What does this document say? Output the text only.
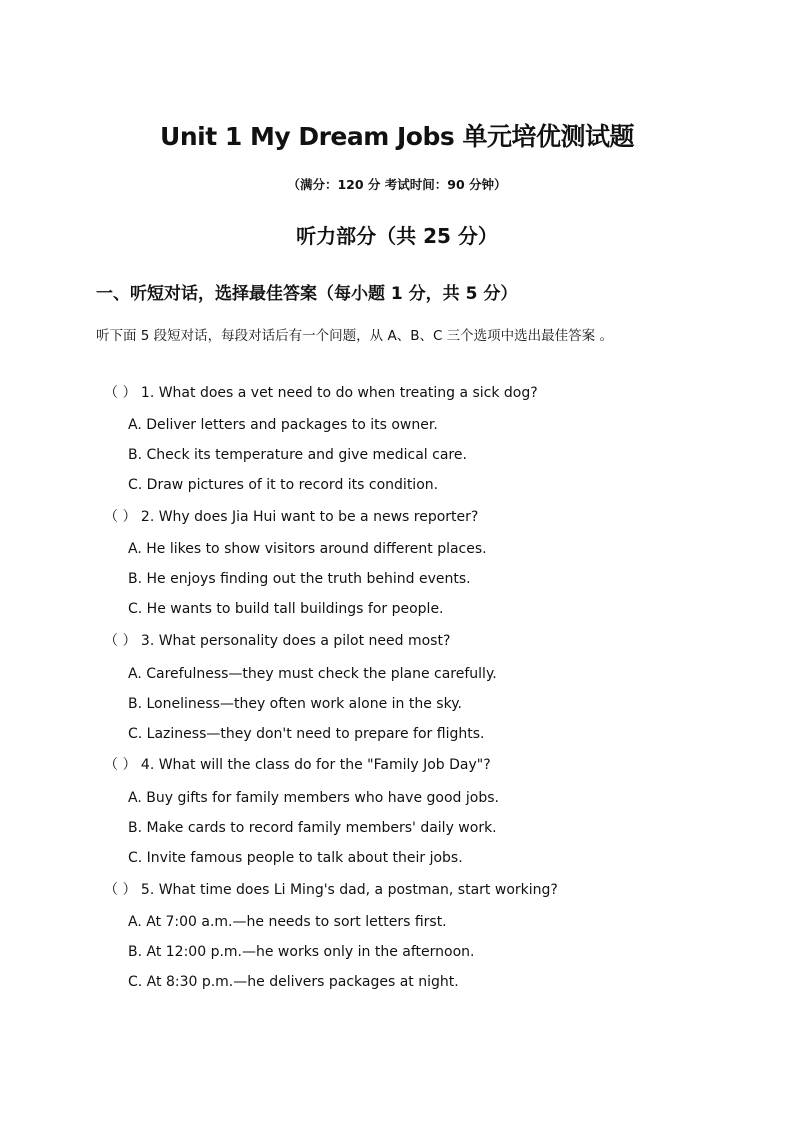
Unit 1 My Dream Jobs 单元培优测试题
（满分：120 分 考试时间：90 分钟）
听力部分（共 25 分）
一、听短对话，选择最佳答案（每小题 1 分，共 5 分）
听下面 5 段短对话，每段对话后有一个问题，从 A、B、C 三个选项中选出最佳答案 。
（ ） 1. What does a vet need to do when treating a sick dog?
A. Deliver letters and packages to its owner.
B. Check its temperature and give medical care.
C. Draw pictures of it to record its condition.
（ ） 2. Why does Jia Hui want to be a news reporter?
A. He likes to show visitors around different places.
B. He enjoys finding out the truth behind events.
C. He wants to build tall buildings for people.
（ ） 3. What personality does a pilot need most?
A. Carefulness—they must check the plane carefully.
B. Loneliness—they often work alone in the sky.
C. Laziness—they don't need to prepare for flights.
（ ） 4. What will the class do for the "Family Job Day"?
A. Buy gifts for family members who have good jobs.
B. Make cards to record family members' daily work.
C. Invite famous people to talk about their jobs.
（ ） 5. What time does Li Ming's dad, a postman, start working?
A. At 7:00 a.m.—he needs to sort letters first.
B. At 12:00 p.m.—he works only in the afternoon.
C. At 8:30 p.m.—he delivers packages at night.
